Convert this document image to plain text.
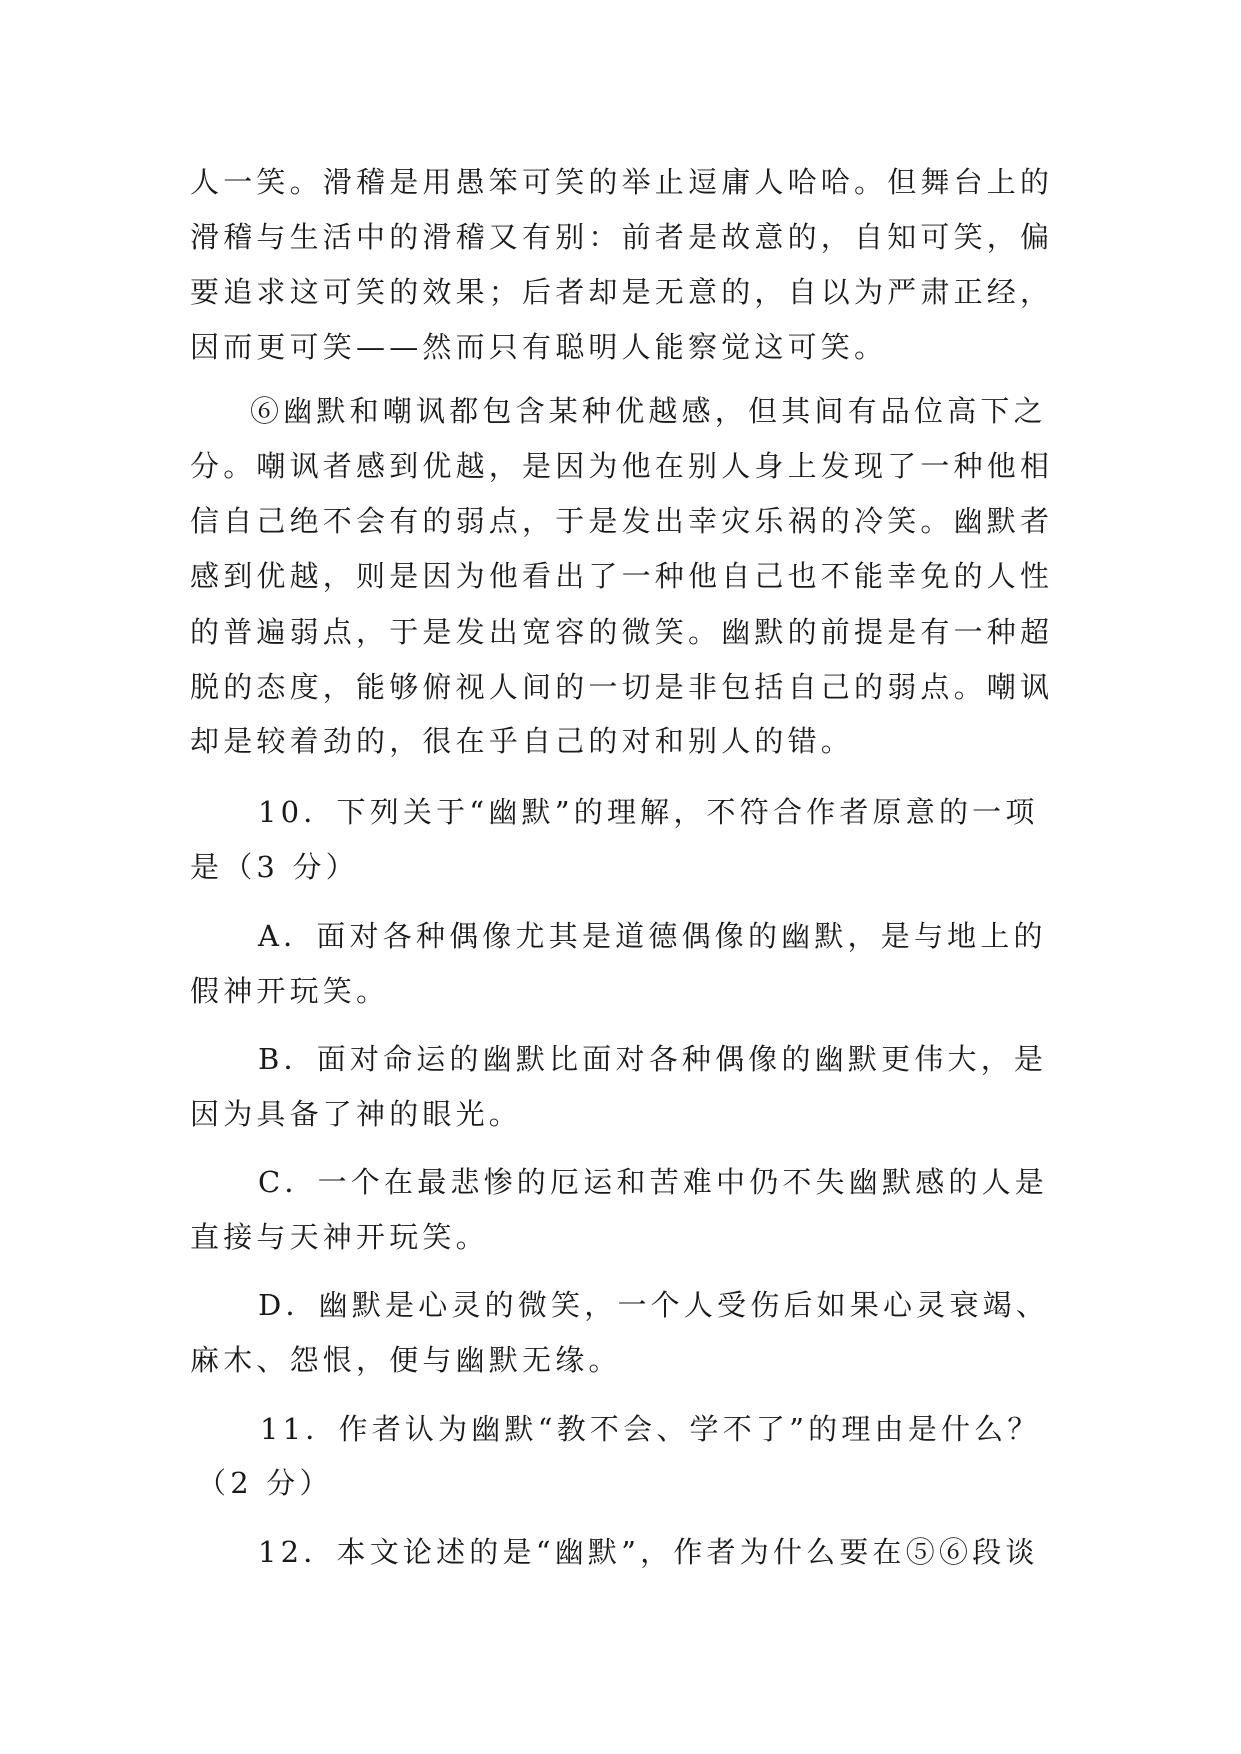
人一笑。滑稽是用愚笨可笑的举止逗庸人哈哈。但舞台上的
滑稽与生活中的滑稽又有别：前者是故意的，自知可笑，偏
要追求这可笑的效果；后者却是无意的，自以为严肃正经，
因而更可笑——然而只有聪明人能察觉这可笑。
⑥幽默和嘲讽都包含某种优越感，但其间有品位高下之
分。嘲讽者感到优越，是因为他在别人身上发现了一种他相
信自己绝不会有的弱点，于是发出幸灾乐祸的冷笑。幽默者
感到优越，则是因为他看出了一种他自己也不能幸免的人性
的普遍弱点，于是发出宽容的微笑。幽默的前提是有一种超
脱的态度，能够俯视人间的一切是非包括自己的弱点。嘲讽
却是较着劲的，很在乎自己的对和别人的错。
10．下列关于“幽默”的理解，不符合作者原意的一项
是（3 分）
A．面对各种偶像尤其是道德偶像的幽默，是与地上的
假神开玩笑。
B．面对命运的幽默比面对各种偶像的幽默更伟大，是
因为具备了神的眼光。
C．一个在最悲惨的厄运和苦难中仍不失幽默感的人是
直接与天神开玩笑。
D．幽默是心灵的微笑，一个人受伤后如果心灵衰竭、
麻木、怨恨，便与幽默无缘。
11．作者认为幽默“教不会、学不了”的理由是什么？
（2 分）
12．本文论述的是“幽默”，作者为什么要在⑤⑥段谈
